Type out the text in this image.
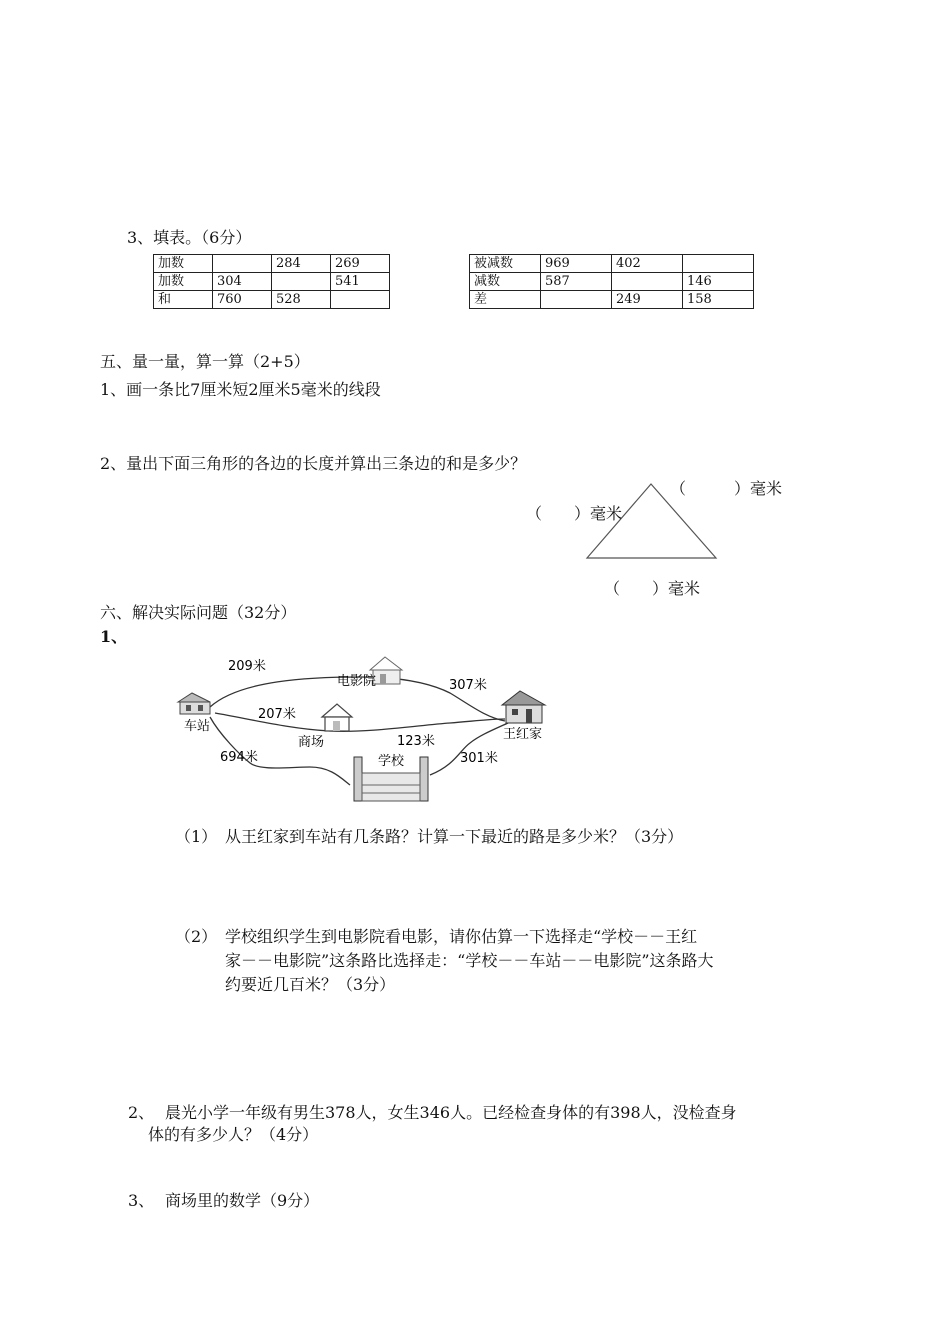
3、填表。（6分）
加数		284	269
加数	304		541
和	760	528	
被减数	969	402	
减数	587		146
差		249	158
五、量一量，算一算（2+5）
1、画一条比7厘米短2厘米5毫米的线段
2、量出下面三角形的各边的长度并算出三条边的和是多少？
（　　　）毫米
（　　）毫米
（　　）毫米
六、解决实际问题（32分）
1、
电影院
车站
商场
学校
王红家
209米
307米
207米
123米
694米	301米
（1） 从王红家到车站有几条路？计算一下最近的路是多少米？（3分）
（2） 学校组织学生到电影院看电影，请你估算一下选择走“学校－－王红
家－－电影院”这条路比选择走：“学校－－车站－－电影院”这条路大
约要近几百米？（3分）
2、 晨光小学一年级有男生378人，女生346人。已经检查身体的有398人，没检查身
体的有多少人？（4分）
3、 商场里的数学（9分）
